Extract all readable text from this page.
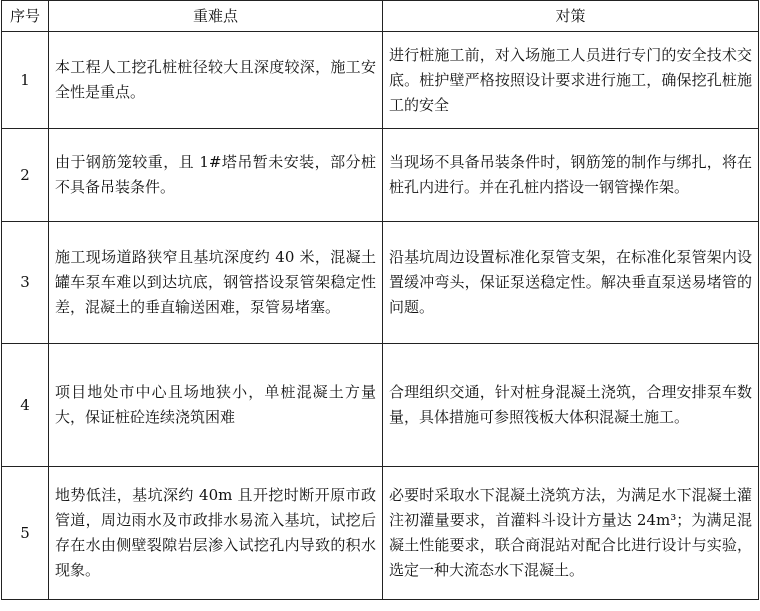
序号	重难点	对策
1	本工程人工挖孔桩桩径较大且深度较深，施工安全性是重点。	进行桩施工前，对入场施工人员进行专门的安全技术交底。桩护壁严格按照设计要求进行施工，确保挖孔桩施工的安全
2	由于钢筋笼较重，且 1#塔吊暂未安装，部分桩不具备吊装条件。	当现场不具备吊装条件时，钢筋笼的制作与绑扎，将在桩孔内进行。并在孔桩内搭设一钢管操作架。
3	施工现场道路狭窄且基坑深度约 40 米，混凝土罐车泵车难以到达坑底，钢管搭设泵管架稳定性差，混凝土的垂直输送困难，泵管易堵塞。	沿基坑周边设置标准化泵管支架，在标准化泵管架内设置缓冲弯头，保证泵送稳定性。解决垂直泵送易堵管的问题。
4	项目地处市中心且场地狭小，单桩混凝土方量大，保证桩砼连续浇筑困难	合理组织交通，针对桩身混凝土浇筑，合理安排泵车数量，具体措施可参照筏板大体积混凝土施工。
5	地势低洼，基坑深约 40m 且开挖时断开原市政管道，周边雨水及市政排水易流入基坑，试挖后存在水由侧壁裂隙岩层渗入试挖孔内导致的积水现象。	必要时采取水下混凝土浇筑方法，为满足水下混凝土灌注初灌量要求，首灌料斗设计方量达 24m³；为满足混凝土性能要求，联合商混站对配合比进行设计与实验，选定一种大流态水下混凝土。
